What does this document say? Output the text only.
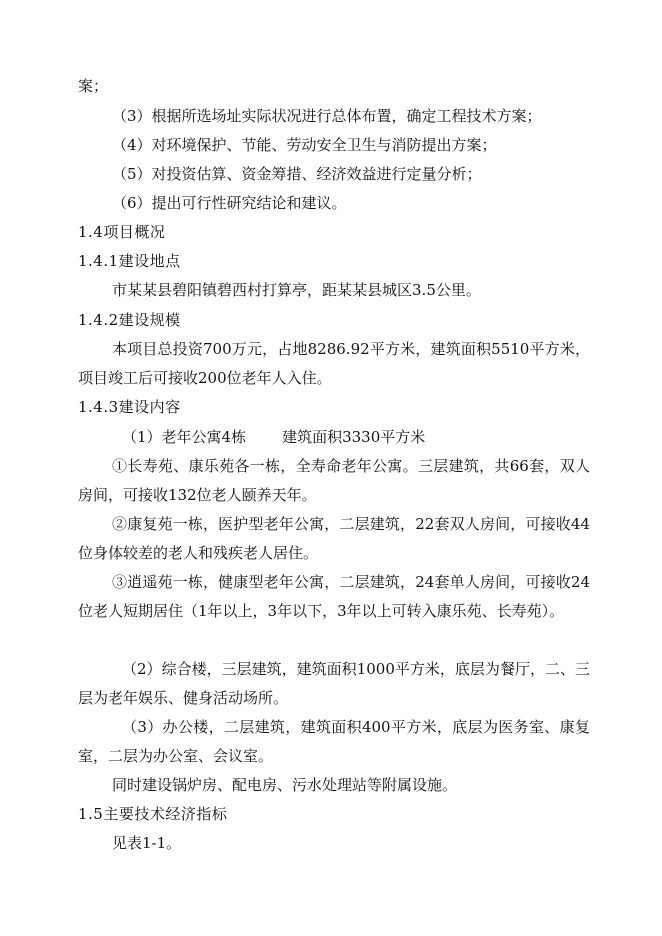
案；

（3）根据所选场址实际状况进行总体布置，确定工程技术方案；

（4）对环境保护、节能、劳动安全卫生与消防提出方案；

（5）对投资估算、资金筹措、经济效益进行定量分析；

（6）提出可行性研究结论和建议。

1.4项目概况

1.4.1建设地点

市某某县碧阳镇碧西村打算亭，距某某县城区3.5公里。

1.4.2建设规模

本项目总投资700万元，占地8286.92平方米，建筑面积5510平方米，项目竣工后可接收200位老年人入住。

1.4.3建设内容

（1）老年公寓4栋 建筑面积3330平方米

①长寿苑、康乐苑各一栋，全寿命老年公寓。三层建筑，共66套，双人房间，可接收132位老人颐养天年。

②康复苑一栋，医护型老年公寓，二层建筑，22套双人房间，可接收44位身体较差的老人和残疾老人居住。

③逍遥苑一栋，健康型老年公寓，二层建筑，24套单人房间，可接收24位老人短期居住（1年以上，3年以下，3年以上可转入康乐苑、长寿苑）。

（2）综合楼，三层建筑，建筑面积1000平方米，底层为餐厅，二、三层为老年娱乐、健身活动场所。

（3）办公楼，二层建筑，建筑面积400平方米，底层为医务室、康复室，二层为办公室、会议室。

同时建设锅炉房、配电房、污水处理站等附属设施。

1.5主要技术经济指标

见表1-1。
